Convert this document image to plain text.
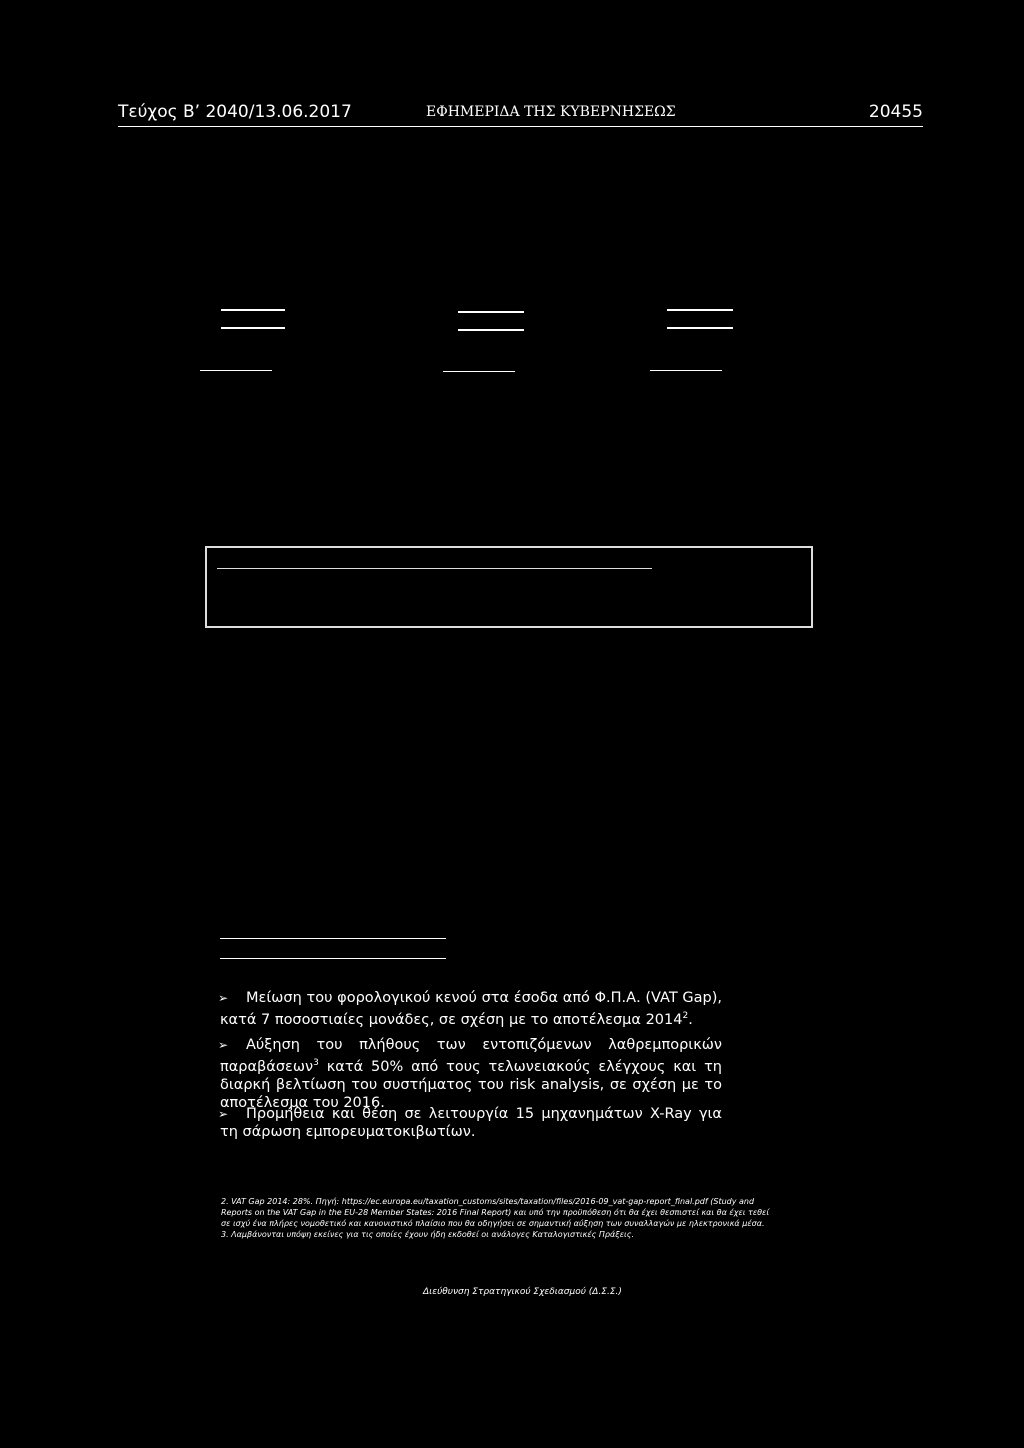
Τεύχος Β’ 2040/13.06.2017	ΕΦΗΜΕΡΙΔΑ ΤΗΣ ΚΥΒΕΡΝΗΣΕΩΣ	20455
➢	Μείωση του φορολογικού κενού στα έσοδα από Φ.Π.Α. (VAT Gap), κατά 7 ποσοστιαίες μονάδες, σε σχέση με το αποτέλεσμα 2014$^2$.
➢	Αύξηση του πλήθους των εντοπιζόμενων λαθρεμπορικών παραβάσεων$^3$ κατά 50% από τους τελωνειακούς ελέγχους και τη διαρκή βελτίωση του συστήματος του risk analysis, σε σχέση με το αποτέλεσμα του 2016.
➢	Προμήθεια και θέση σε λειτουργία 15 μηχανημάτων X-Ray για τη σάρωση εμπορευματοκιβωτίων.

2. VAT Gap 2014: 28%. Πηγή: https://ec.europa.eu/taxation_customs/sites/taxation/files/2016-09_vat-gap-report_final.pdf (Study and Reports on the VAT Gap in the EU-28 Member States: 2016 Final Report) και υπό την προϋπόθεση ότι θα έχει θεσπιστεί και θα έχει τεθεί σε ισχύ ένα πλήρες νομοθετικό και κανονιστικό πλαίσιο που θα οδηγήσει σε σημαντική αύξηση των συναλλαγών με ηλεκτρονικά μέσα.

3. Λαμβάνονται υπόψη εκείνες για τις οποίες έχουν ήδη εκδοθεί οι ανάλογες Καταλογιστικές Πράξεις.

Διεύθυνση Στρατηγικού Σχεδιασμού (Δ.Σ.Σ.)
